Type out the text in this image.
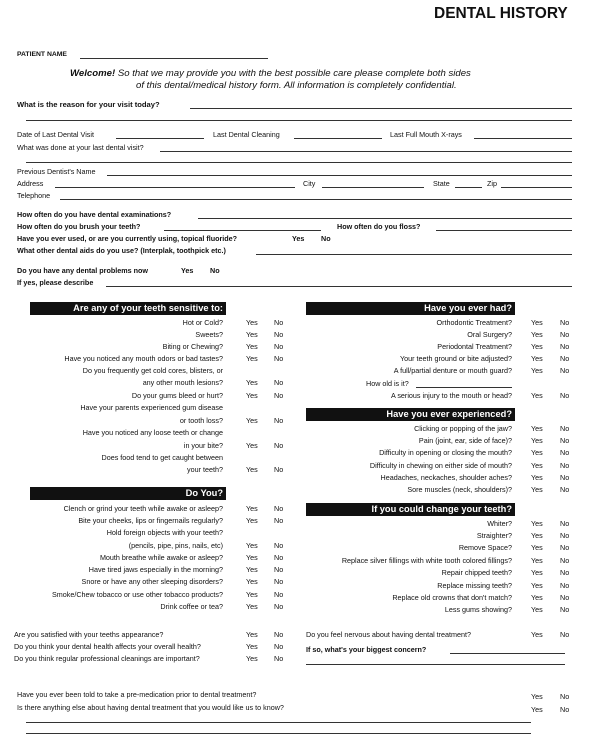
DENTAL HISTORY
PATIENT NAME
Welcome! So that we may provide you with the best possible care please complete both sides
of this dental/medical history form. All information is completely confidential.
What is the reason for your visit today?
Date of Last Dental Visit	Last Dental Cleaning	Last Full Mouth X-rays
What was done at your last dental visit?
Previous Dentist's Name
Address	City	State	Zip
Telephone
How often do you have dental examinations?
How often do you brush your teeth?	How often do you floss?
Have you ever used, or are you currently using, topical fluoride?	Yes No
What other dental aids do you use? (Interplak, toothpick etc.)
Do you have any dental problems now	Yes No
If yes, please describe
Are any of your teeth sensitive to:
Hot or Cold?	Yes No
Sweets?	Yes No
Biting or Chewing?	Yes No
Have you noticed any mouth odors or bad tastes?	Yes No
Do you frequently get cold cores, blisters, or
any other mouth lesions?	Yes No
Do your gums bleed or hurt?	Yes No
Have your parents experienced gum disease
or tooth loss?	Yes No
Have you noticed any loose teeth or change
in your bite?	Yes No
Does food tend to get caught between
your teeth?	Yes No
Do You?
Clench or grind your teeth while awake or asleep?	Yes No
Bite your cheeks, lips or fingernails regularly?	Yes No
Hold foreign objects with your teeth?
(pencils, pipe, pins, nails, etc)	Yes No
Mouth breathe while awake or asleep?	Yes No
Have tired jaws especially in the morning?	Yes No
Snore or have any other sleeping disorders?	Yes No
Smoke/Chew tobacco or use other tobacco products?	Yes No
Drink coffee or tea?	Yes No
Have you ever had?
Orthodontic Treatment?	Yes No
Oral Surgery?	Yes No
Periodontal Treatment?	Yes No
Your teeth ground or bite adjusted?	Yes No
A full/partial denture or mouth guard?	Yes No
How old is it?
A serious injury to the mouth or head?	Yes No
Have you ever experienced?
Clicking or popping of the jaw?	Yes No
Pain (joint, ear, side of face)?	Yes No
Difficulty in opening or closing the mouth?	Yes No
Difficulty in chewing on either side of mouth?	Yes No
Headaches, neckaches, shoulder aches?	Yes No
Sore muscles (neck, shoulders)?	Yes No
If you could change your teeth?
Whiter?	Yes No
Straighter?	Yes No
Remove Space?	Yes No
Replace silver fillings with white tooth colored fillings?	Yes No
Repair chipped teeth?	Yes No
Replace missing teeth?	Yes No
Replace old crowns that don't match?	Yes No
Less gums showing?	Yes No
Are you satisfied with your teeths appearance?	Yes No
Do you think your dental health affects your overall health?	Yes No
Do you think regular professional cleanings are important?	Yes No
Do you feel nervous about having dental treatment?	Yes No
If so, what's your biggest concern?
Have you ever been told to take a pre-medication prior to dental treatment?	Yes No
Is there anything else about having dental treatment that you would like us to know?	Yes No
